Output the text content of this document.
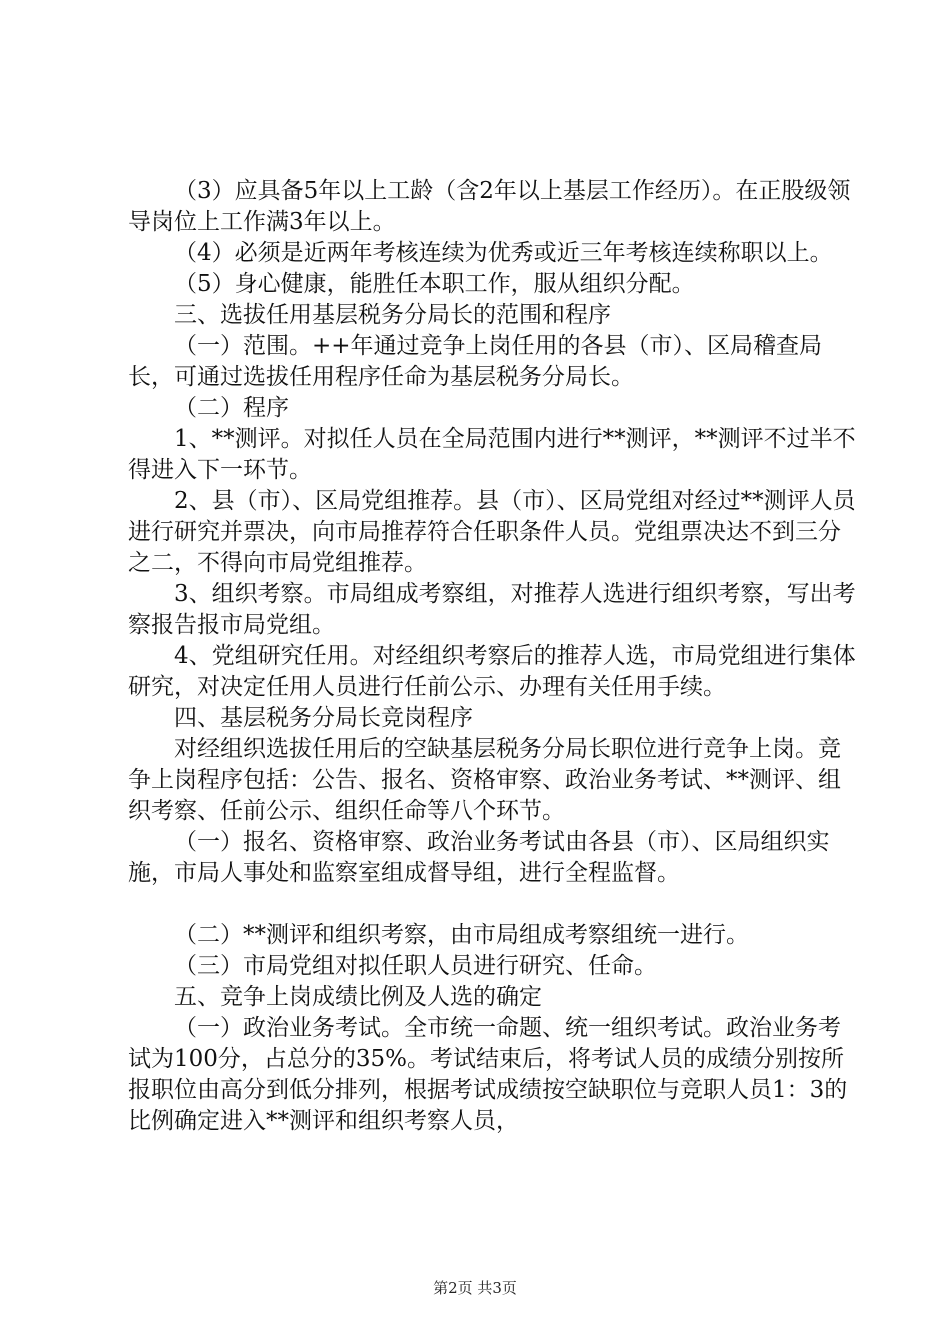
（3）应具备5年以上工龄（含2年以上基层工作经历）。在正股级领导岗位上工作满3年以上。

（4）必须是近两年考核连续为优秀或近三年考核连续称职以上。

（5）身心健康，能胜任本职工作，服从组织分配。

三、选拔任用基层税务分局长的范围和程序

（一）范围。++年通过竞争上岗任用的各县（市）、区局稽查局长，可通过选拔任用程序任命为基层税务分局长。

（二）程序

1、**测评。对拟任人员在全局范围内进行**测评，**测评不过半不得进入下一环节。

2、县（市）、区局党组推荐。县（市）、区局党组对经过**测评人员进行研究并票决，向市局推荐符合任职条件人员。党组票决达不到三分之二，不得向市局党组推荐。

3、组织考察。市局组成考察组，对推荐人选进行组织考察，写出考察报告报市局党组。

4、党组研究任用。对经组织考察后的推荐人选，市局党组进行集体研究，对决定任用人员进行任前公示、办理有关任用手续。

四、基层税务分局长竞岗程序

对经组织选拔任用后的空缺基层税务分局长职位进行竞争上岗。竞争上岗程序包括：公告、报名、资格审察、政治业务考试、**测评、组织考察、任前公示、组织任命等八个环节。

（一）报名、资格审察、政治业务考试由各县（市）、区局组织实施，市局人事处和监察室组成督导组，进行全程监督。

（二）**测评和组织考察，由市局组成考察组统一进行。

（三）市局党组对拟任职人员进行研究、任命。

五、竞争上岗成绩比例及人选的确定

（一）政治业务考试。全市统一命题、统一组织考试。政治业务考试为100分，占总分的35%。考试结束后，将考试人员的成绩分别按所报职位由高分到低分排列，根据考试成绩按空缺职位与竞职人员1：3的比例确定进入**测评和组织考察人员，

第2页 共3页
